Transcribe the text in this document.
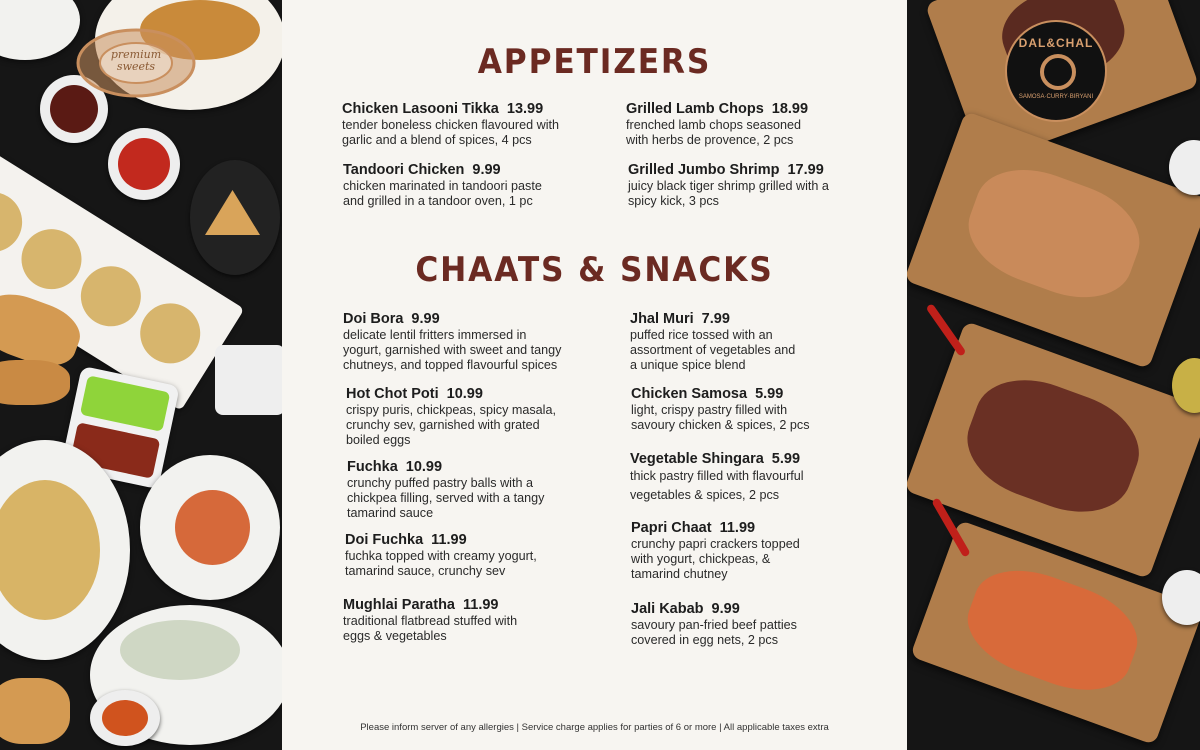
premium sweets
DAL&CHAL
SAMOSA·CURRY·BIRYANI
APPETIZERS
Chicken Lasooni Tikka 13.99
tender boneless chicken flavoured with
garlic and a blend of spices, 4 pcs
Grilled Lamb Chops 18.99
frenched lamb chops seasoned
with herbs de provence, 2 pcs
Tandoori Chicken 9.99
chicken marinated in tandoori paste
and grilled in a tandoor oven, 1 pc
Grilled Jumbo Shrimp 17.99
juicy black tiger shrimp grilled with a
spicy kick, 3 pcs
CHAATS & SNACKS
Doi Bora 9.99
delicate lentil fritters immersed in
yogurt, garnished with sweet and tangy
chutneys, and topped flavourful spices
Hot Chot Poti 10.99
crispy puris, chickpeas, spicy masala,
crunchy sev, garnished with grated
boiled eggs
Fuchka 10.99
crunchy puffed pastry balls with a
chickpea filling, served with a tangy
tamarind sauce
Doi Fuchka 11.99
fuchka topped with creamy yogurt,
tamarind sauce, crunchy sev
Mughlai Paratha 11.99
traditional flatbread stuffed with
eggs & vegetables
Jhal Muri 7.99
puffed rice tossed with an
assortment of vegetables and
a unique spice blend
Chicken Samosa 5.99
light, crispy pastry filled with
savoury chicken & spices, 2 pcs
Vegetable Shingara 5.99
thick pastry filled with flavourful
vegetables & spices, 2 pcs
Papri Chaat 11.99
crunchy papri crackers topped
with yogurt, chickpeas, &
tamarind chutney
Jali Kabab 9.99
savoury pan-fried beef patties
covered in egg nets, 2 pcs
Please inform server of any allergies | Service charge applies for parties of 6 or more | All applicable taxes extra
